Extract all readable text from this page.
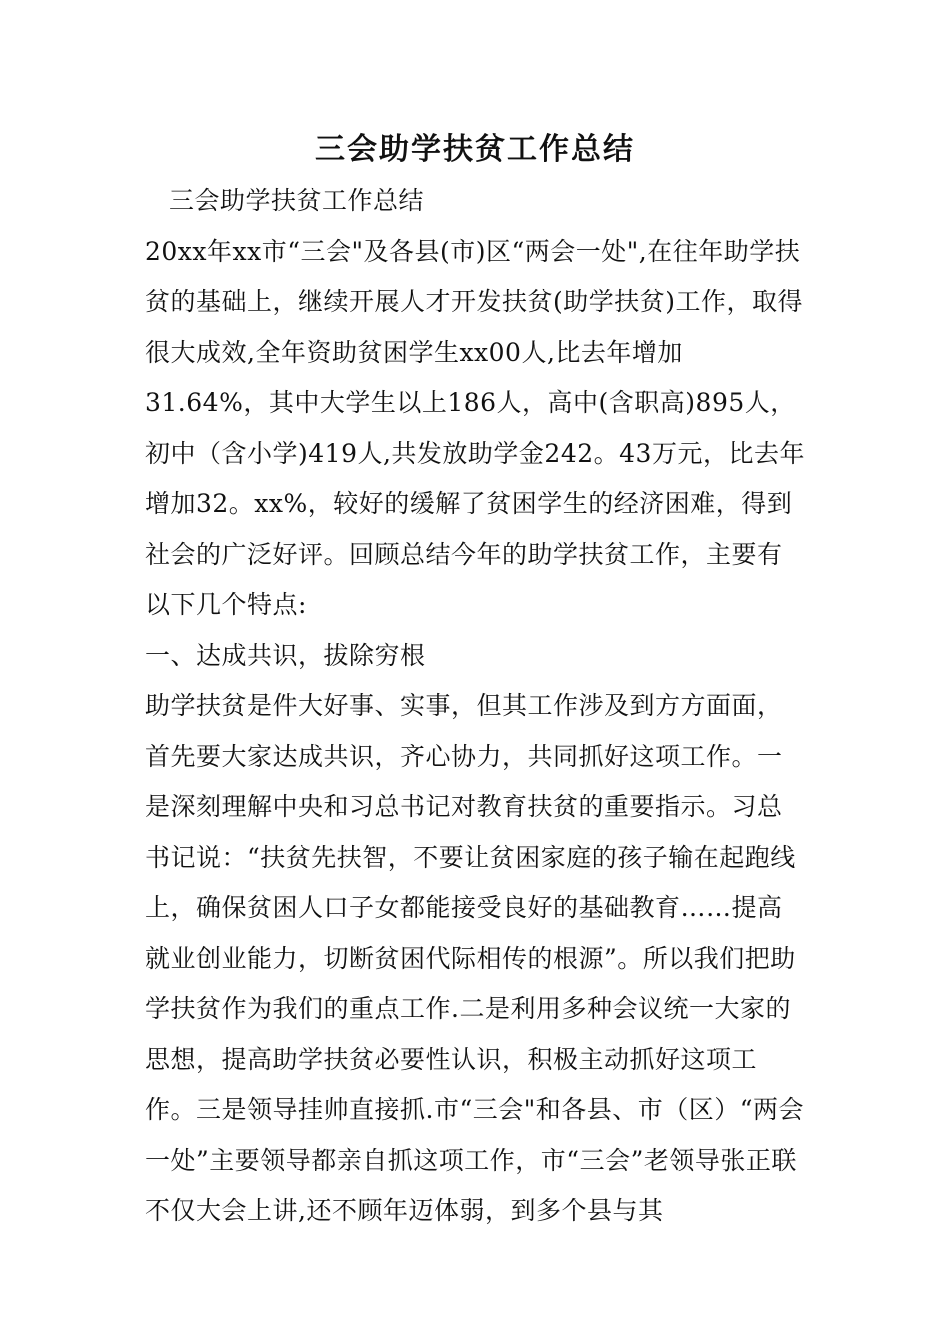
三会助学扶贫工作总结

三会助学扶贫工作总结

20xx年xx市“三会"及各县(市)区“两会一处",在往年助学扶贫的基础上，继续开展人才开发扶贫(助学扶贫)工作，取得很大成效,全年资助贫困学生xx00人,比去年增加31.64%，其中大学生以上186人，高中(含职高)895人，初中（含小学)419人,共发放助学金242。43万元，比去年增加32。xx%，较好的缓解了贫困学生的经济困难，得到社会的广泛好评。回顾总结今年的助学扶贫工作，主要有以下几个特点:

一、达成共识，拔除穷根

助学扶贫是件大好事、实事，但其工作涉及到方方面面，首先要大家达成共识，齐心协力，共同抓好这项工作。一是深刻理解中央和习总书记对教育扶贫的重要指示。习总书记说：“扶贫先扶智，不要让贫困家庭的孩子输在起跑线上，确保贫困人口子女都能接受良好的基础教育……提高就业创业能力，切断贫困代际相传的根源”。所以我们把助学扶贫作为我们的重点工作.二是利用多种会议统一大家的思想，提高助学扶贫必要性认识，积极主动抓好这项工作。三是领导挂帅直接抓.市“三会"和各县、市（区）“两会一处”主要领导都亲自抓这项工作，市“三会”老领导张正联不仅大会上讲,还不顾年迈体弱，到多个县与其
